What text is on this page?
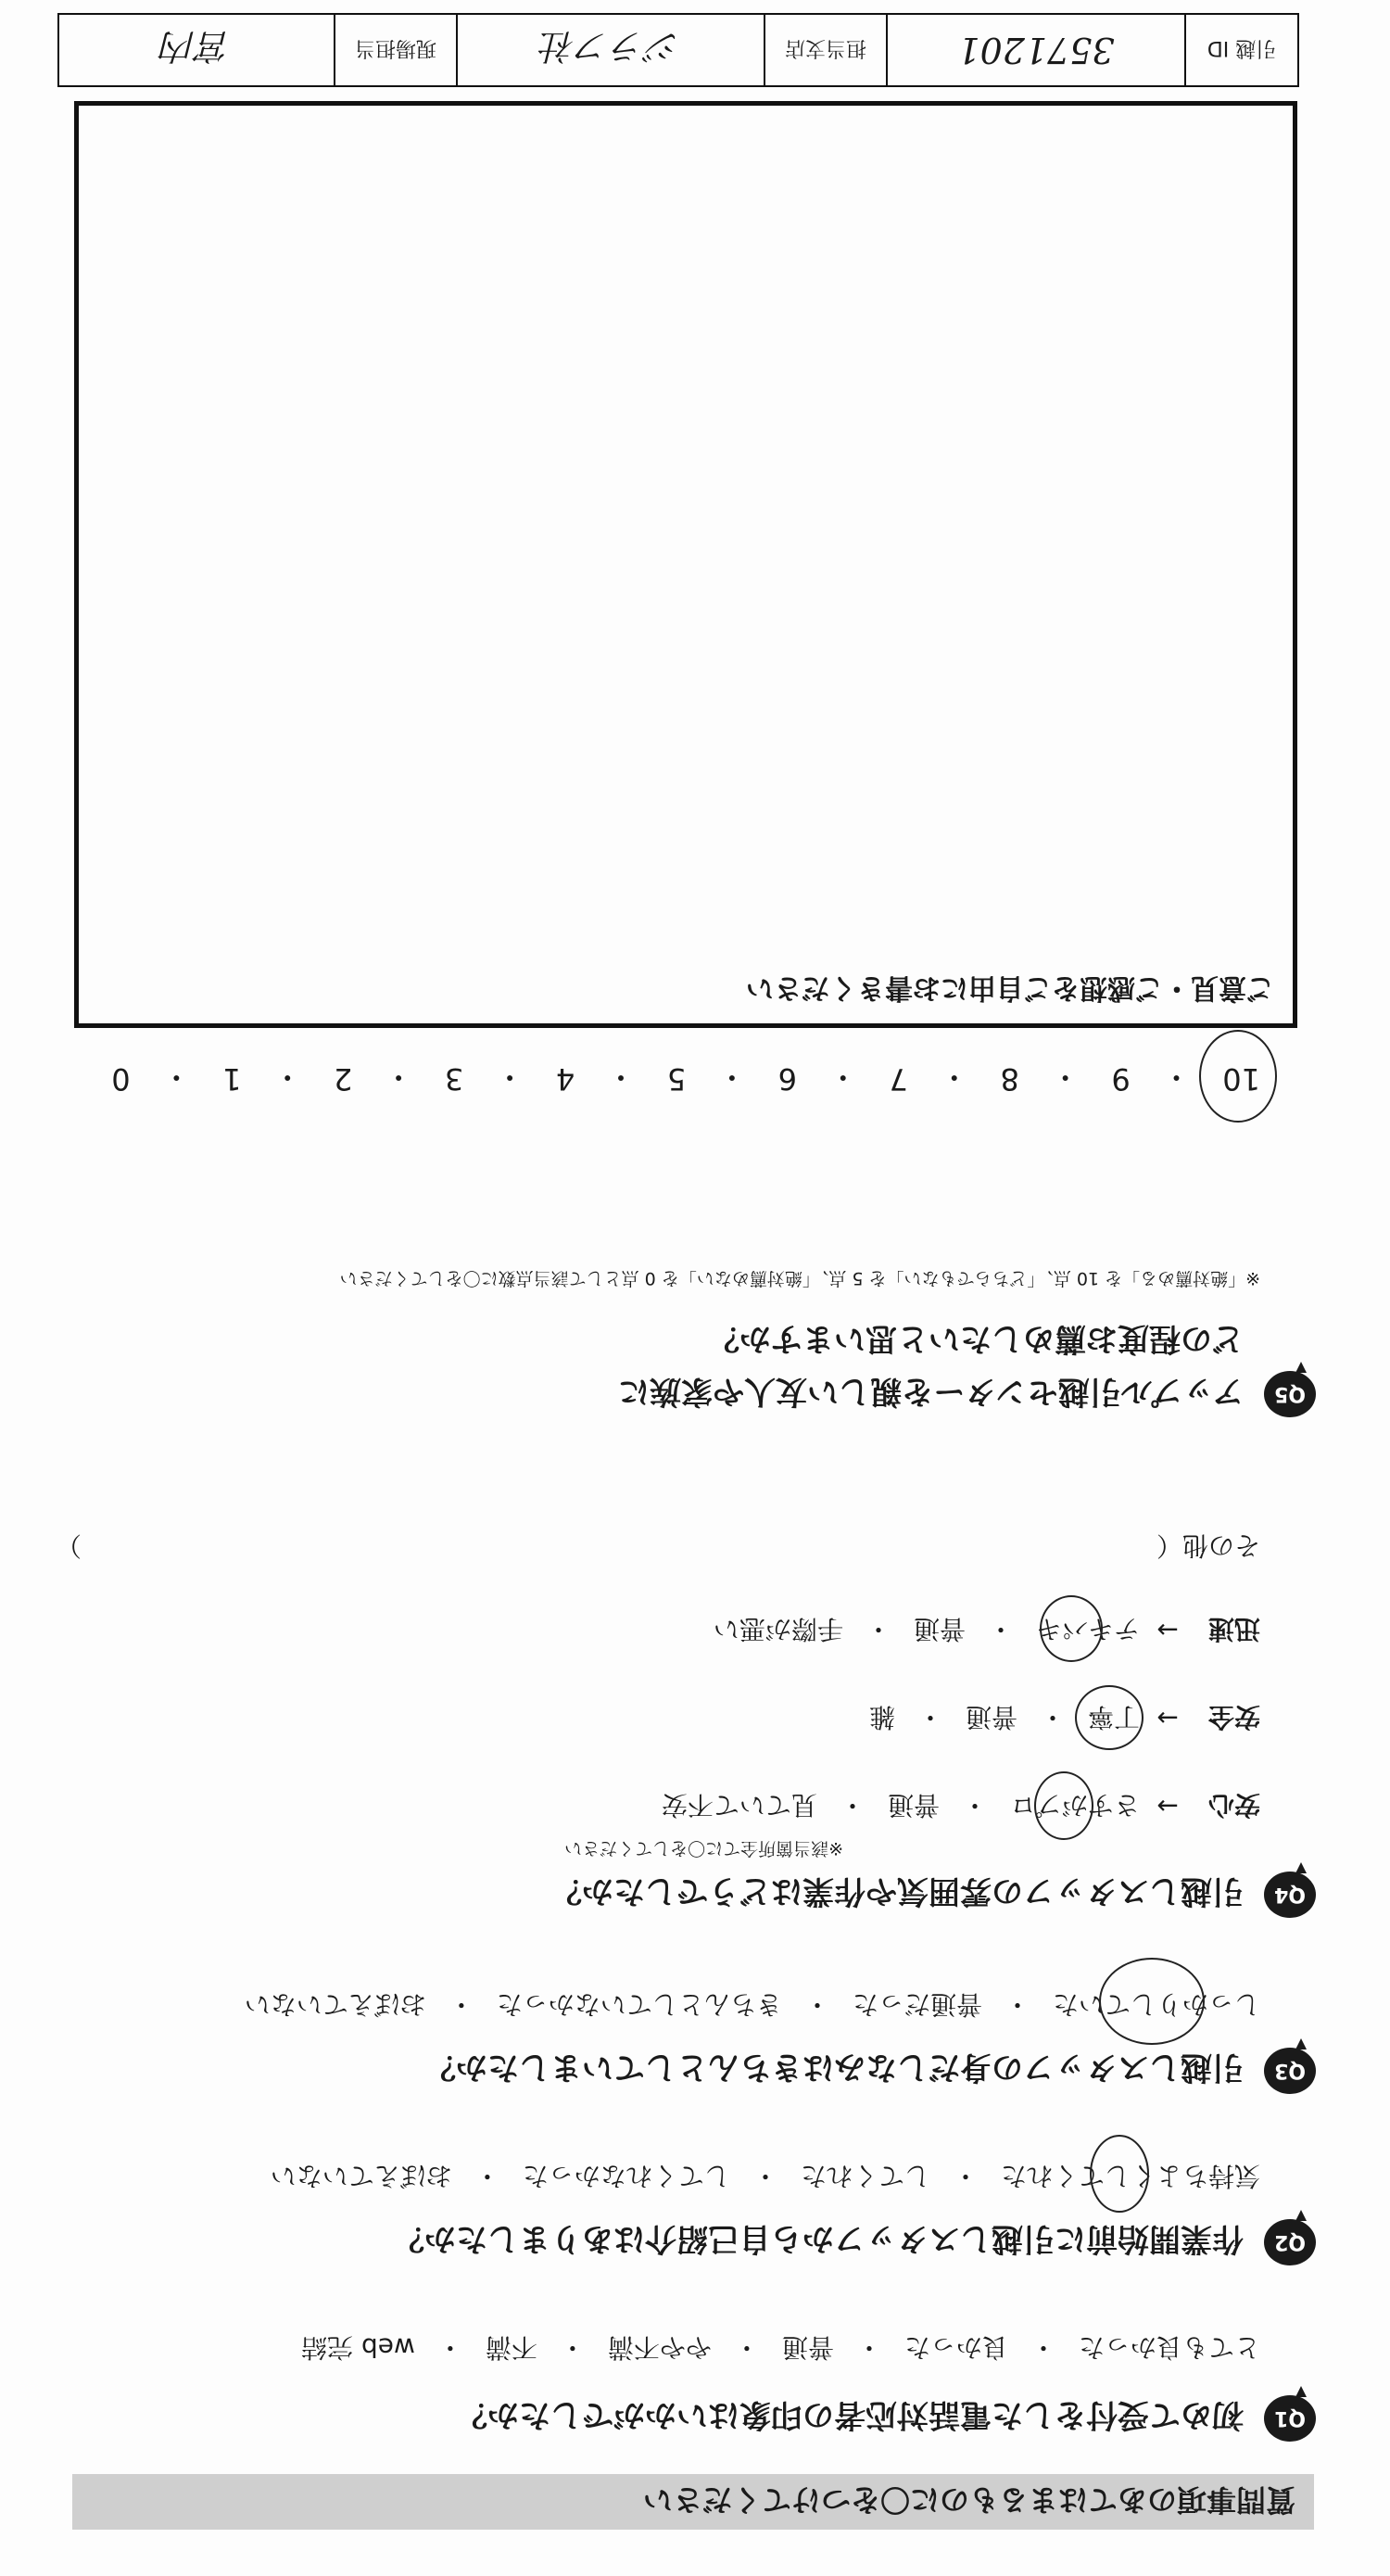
質問事項のあてはまるものに〇をつけてください
Q1
初めて受付をした電話対応者の印象はいかがでしたか？
とても良かった
・
良かった
・
普通
・
やや不満
・
不満
・
web 完結
Q2
作業開始前に引越しスタッフから自己紹介はありましたか？
気持ちよくしてくれた
・
してくれた
・
してくれなかった
・
おぼえていない
Q3
引越しスタッフの身だしなみはきちんとしていましたか？
しっかりしていた
・
普通だった
・
きちんとしていなかった
・
おぼえていない
Q4
引越しスタッフの雰囲気や作業はどうでしたか？
※該当箇所全てに〇をしてください
安心
→
さすがプロ
・
普通
・
見ていて不安
安全
→
丁寧
・
普通
・
雑
迅速
→
テキパキ
・
普通
・
手際が悪い
その他（
）
Q5
アップル引越センターを親しい友人や家族に
どの程度お薦めしたいと思いますか？
※「絶対薦める」を 10 点、「どちらでもない」を 5 点、「絶対薦めない」を 0 点として該当点数に〇をしてください
10
・
9
・
8
・
7
・
6
・
5
・
4
・
3
・
2
・
1
・
0
ご意見・ご感想をご自由にお書きください
引越 ID
3571201
担当支店
ジラフ社
現場担当
宮内
